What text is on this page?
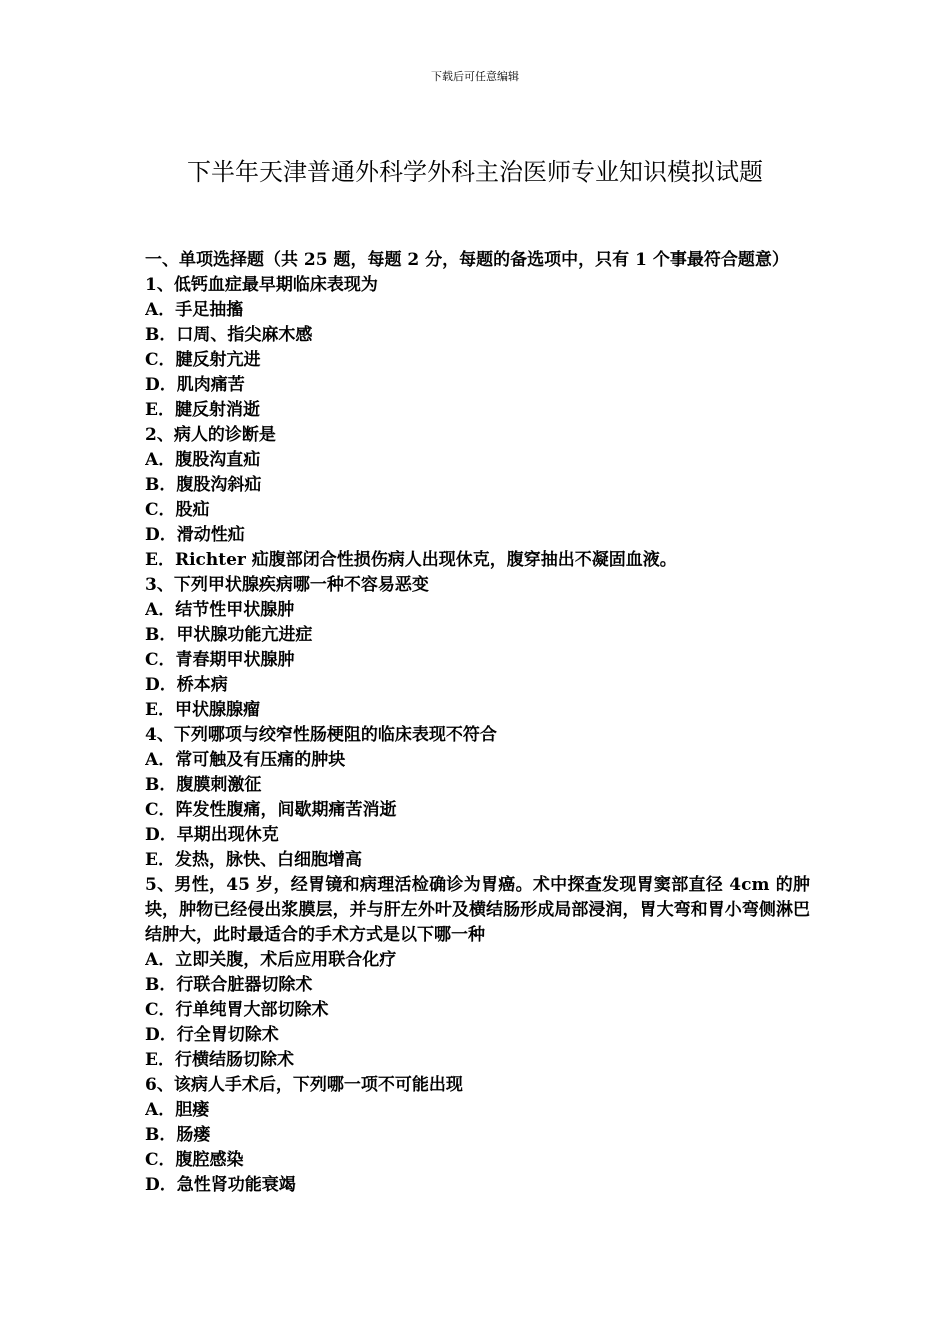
下载后可任意编辑
下半年天津普通外科学外科主治医师专业知识模拟试题
一、单项选择题（共 25 题，每题 2 分，每题的备选项中，只有 1 个事最符合题意）
1、低钙血症最早期临床表现为
A．手足抽搐
B．口周、指尖麻木感
C．腱反射亢进
D．肌肉痛苦
E．腱反射消逝
2、病人的诊断是
A．腹股沟直疝
B．腹股沟斜疝
C．股疝
D．滑动性疝
E．Richter 疝腹部闭合性损伤病人出现休克，腹穿抽出不凝固血液。
3、下列甲状腺疾病哪一种不容易恶变
A．结节性甲状腺肿
B．甲状腺功能亢进症
C．青春期甲状腺肿
D．桥本病
E．甲状腺腺瘤
4、下列哪项与绞窄性肠梗阻的临床表现不符合
A．常可触及有压痛的肿块
B．腹膜刺激征
C．阵发性腹痛，间歇期痛苦消逝
D．早期出现休克
E．发热，脉快、白细胞增高
5、男性，45 岁，经胃镜和病理活检确诊为胃癌。术中探查发现胃窦部直径 4cm 的肿块，肿物已经侵出浆膜层，并与肝左外叶及横结肠形成局部浸润，胃大弯和胃小弯侧淋巴结肿大，此时最适合的手术方式是以下哪一种
A．立即关腹，术后应用联合化疗
B．行联合脏器切除术
C．行单纯胃大部切除术
D．行全胃切除术
E．行横结肠切除术
6、该病人手术后，下列哪一项不可能出现
A．胆瘘
B．肠瘘
C．腹腔感染
D．急性肾功能衰竭
